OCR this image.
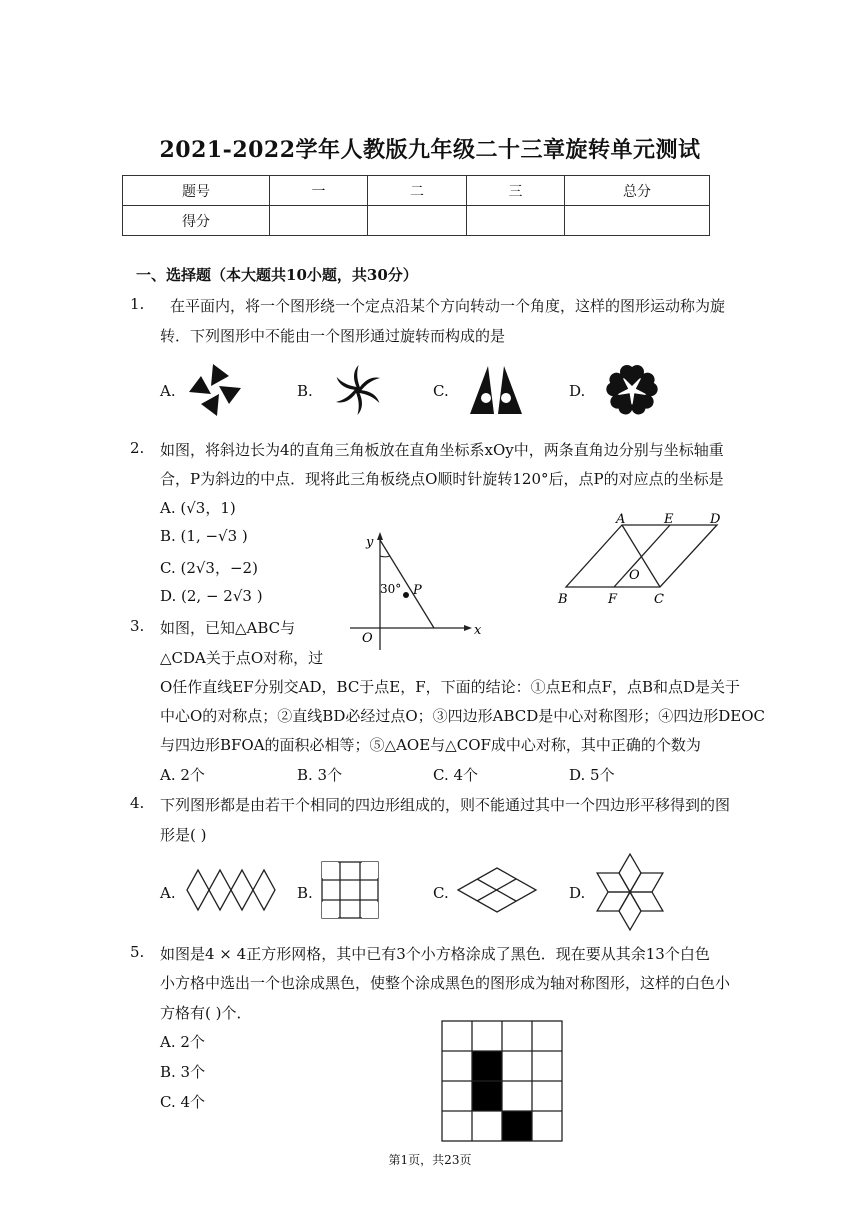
2021-2022学年人教版九年级二十三章旋转单元测试
题号	一	二	三	总分
得分				
一、选择题（本大题共10小题，共30分）
1. 在平面内，将一个图形绕一个定点沿某个方向转动一个角度，这样的图形运动称为旋
转．下列图形中不能由一个图形通过旋转而构成的是
A.	B.	C.	D.
2. 如图，将斜边长为4的直角三角板放在直角坐标系xOy中，两条直角边分别与坐标轴重
合，P为斜边的中点．现将此三角板绕点O顺时针旋转120°后，点P的对应点的坐标是
A. (√3，1)
B. (1, −√3 )
C. (2√3，−2)
D. (2, − 2√3 )
y
x
O
P
30°
A	E	D
O
B	F	C
3. 如图，已知△ABC与
△CDA关于点O对称，过
O任作直线EF分别交AD，BC于点E，F，下面的结论：①点E和点F，点B和点D是关于
中心O的对称点；②直线BD必经过点O；③四边形ABCD是中心对称图形；④四边形DEOC
与四边形BFOA的面积必相等；⑤△AOE与△COF成中心对称，其中正确的个数为
A. 2个	B. 3个	C. 4个	D. 5个
4. 下列图形都是由若干个相同的四边形组成的，则不能通过其中一个四边形平移得到的图
形是( )
A.	B.	C.	D.
5. 如图是4 × 4正方形网格，其中已有3个小方格涂成了黑色．现在要从其余13个白色
小方格中选出一个也涂成黑色，使整个涂成黑色的图形成为轴对称图形，这样的白色小
方格有( )个．
A. 2个
B. 3个
C. 4个
第1页，共23页
